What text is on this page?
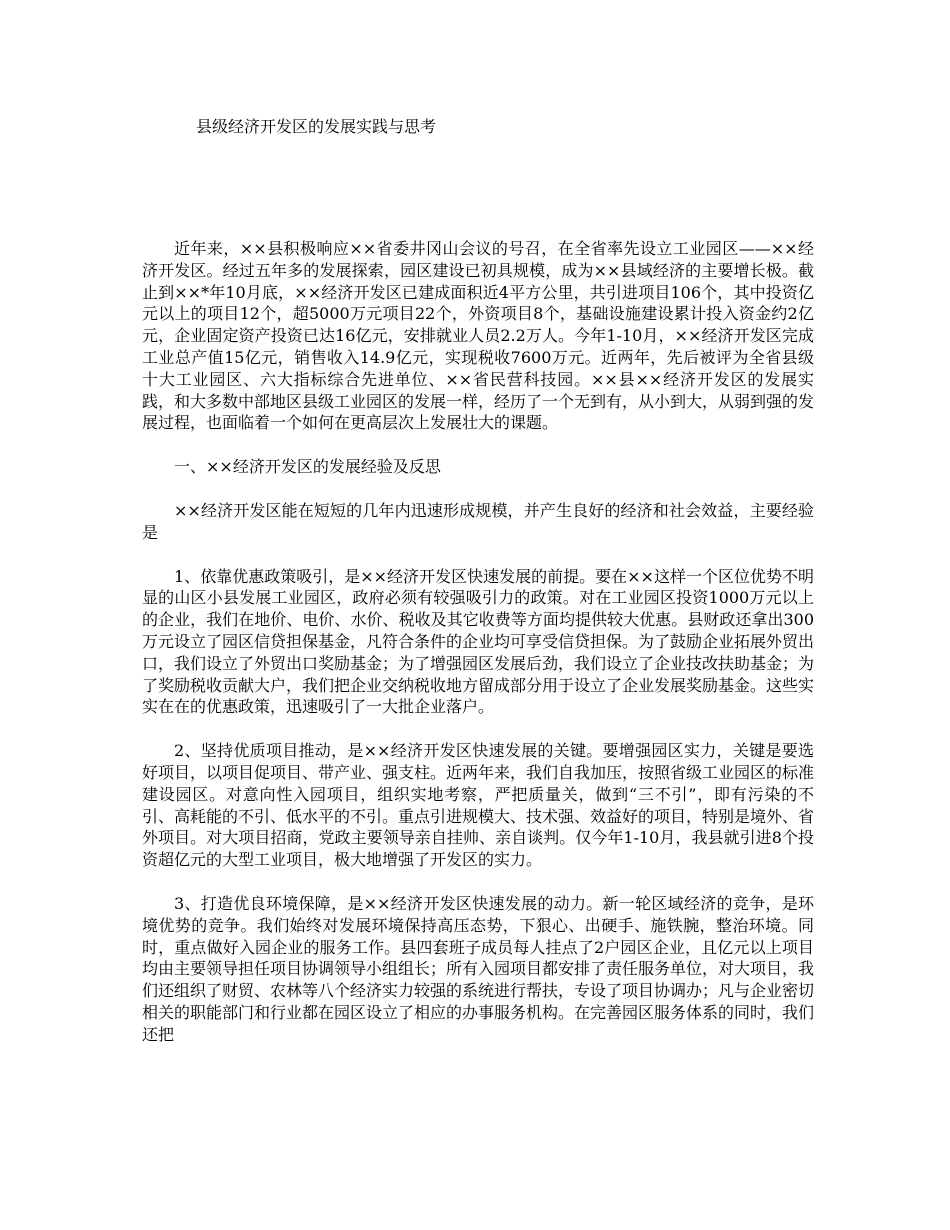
县级经济开发区的发展实践与思考

近年来，××县积极响应××省委井冈山会议的号召，在全省率先设立工业园区——××经济开发区。经过五年多的发展探索，园区建设已初具规模，成为××县域经济的主要增长极。截止到××*年10月底，××经济开发区已建成面积近4平方公里，共引进项目106个，其中投资亿元以上的项目12个，超5000万元项目22个，外资项目8个，基础设施建设累计投入资金约2亿元，企业固定资产投资已达16亿元，安排就业人员2.2万人。今年1-10月，××经济开发区完成工业总产值15亿元，销售收入14.9亿元，实现税收7600万元。近两年，先后被评为全省县级十大工业园区、六大指标综合先进单位、××省民营科技园。××县××经济开发区的发展实践，和大多数中部地区县级工业园区的发展一样，经历了一个无到有，从小到大，从弱到强的发展过程，也面临着一个如何在更高层次上发展壮大的课题。

一、××经济开发区的发展经验及反思

××经济开发区能在短短的几年内迅速形成规模，并产生良好的经济和社会效益，主要经验是

1、依靠优惠政策吸引，是××经济开发区快速发展的前提。要在××这样一个区位优势不明显的山区小县发展工业园区，政府必须有较强吸引力的政策。对在工业园区投资1000万元以上的企业，我们在地价、电价、水价、税收及其它收费等方面均提供较大优惠。县财政还拿出300万元设立了园区信贷担保基金，凡符合条件的企业均可享受信贷担保。为了鼓励企业拓展外贸出口，我们设立了外贸出口奖励基金；为了增强园区发展后劲，我们设立了企业技改扶助基金；为了奖励税收贡献大户，我们把企业交纳税收地方留成部分用于设立了企业发展奖励基金。这些实实在在的优惠政策，迅速吸引了一大批企业落户。

2、坚持优质项目推动，是××经济开发区快速发展的关键。要增强园区实力，关键是要选好项目，以项目促项目、带产业、强支柱。近两年来，我们自我加压，按照省级工业园区的标准建设园区。对意向性入园项目，组织实地考察，严把质量关，做到“三不引”，即有污染的不引、高耗能的不引、低水平的不引。重点引进规模大、技术强、效益好的项目，特别是境外、省外项目。对大项目招商，党政主要领导亲自挂帅、亲自谈判。仅今年1-10月，我县就引进8个投资超亿元的大型工业项目，极大地增强了开发区的实力。

3、打造优良环境保障，是××经济开发区快速发展的动力。新一轮区域经济的竞争，是环境优势的竞争。我们始终对发展环境保持高压态势，下狠心、出硬手、施铁腕，整治环境。同时，重点做好入园企业的服务工作。县四套班子成员每人挂点了2户园区企业，且亿元以上项目均由主要领导担任项目协调领导小组组长；所有入园项目都安排了责任服务单位，对大项目，我们还组织了财贸、农林等八个经济实力较强的系统进行帮扶，专设了项目协调办；凡与企业密切相关的职能部门和行业都在园区设立了相应的办事服务机构。在完善园区服务体系的同时，我们还把
